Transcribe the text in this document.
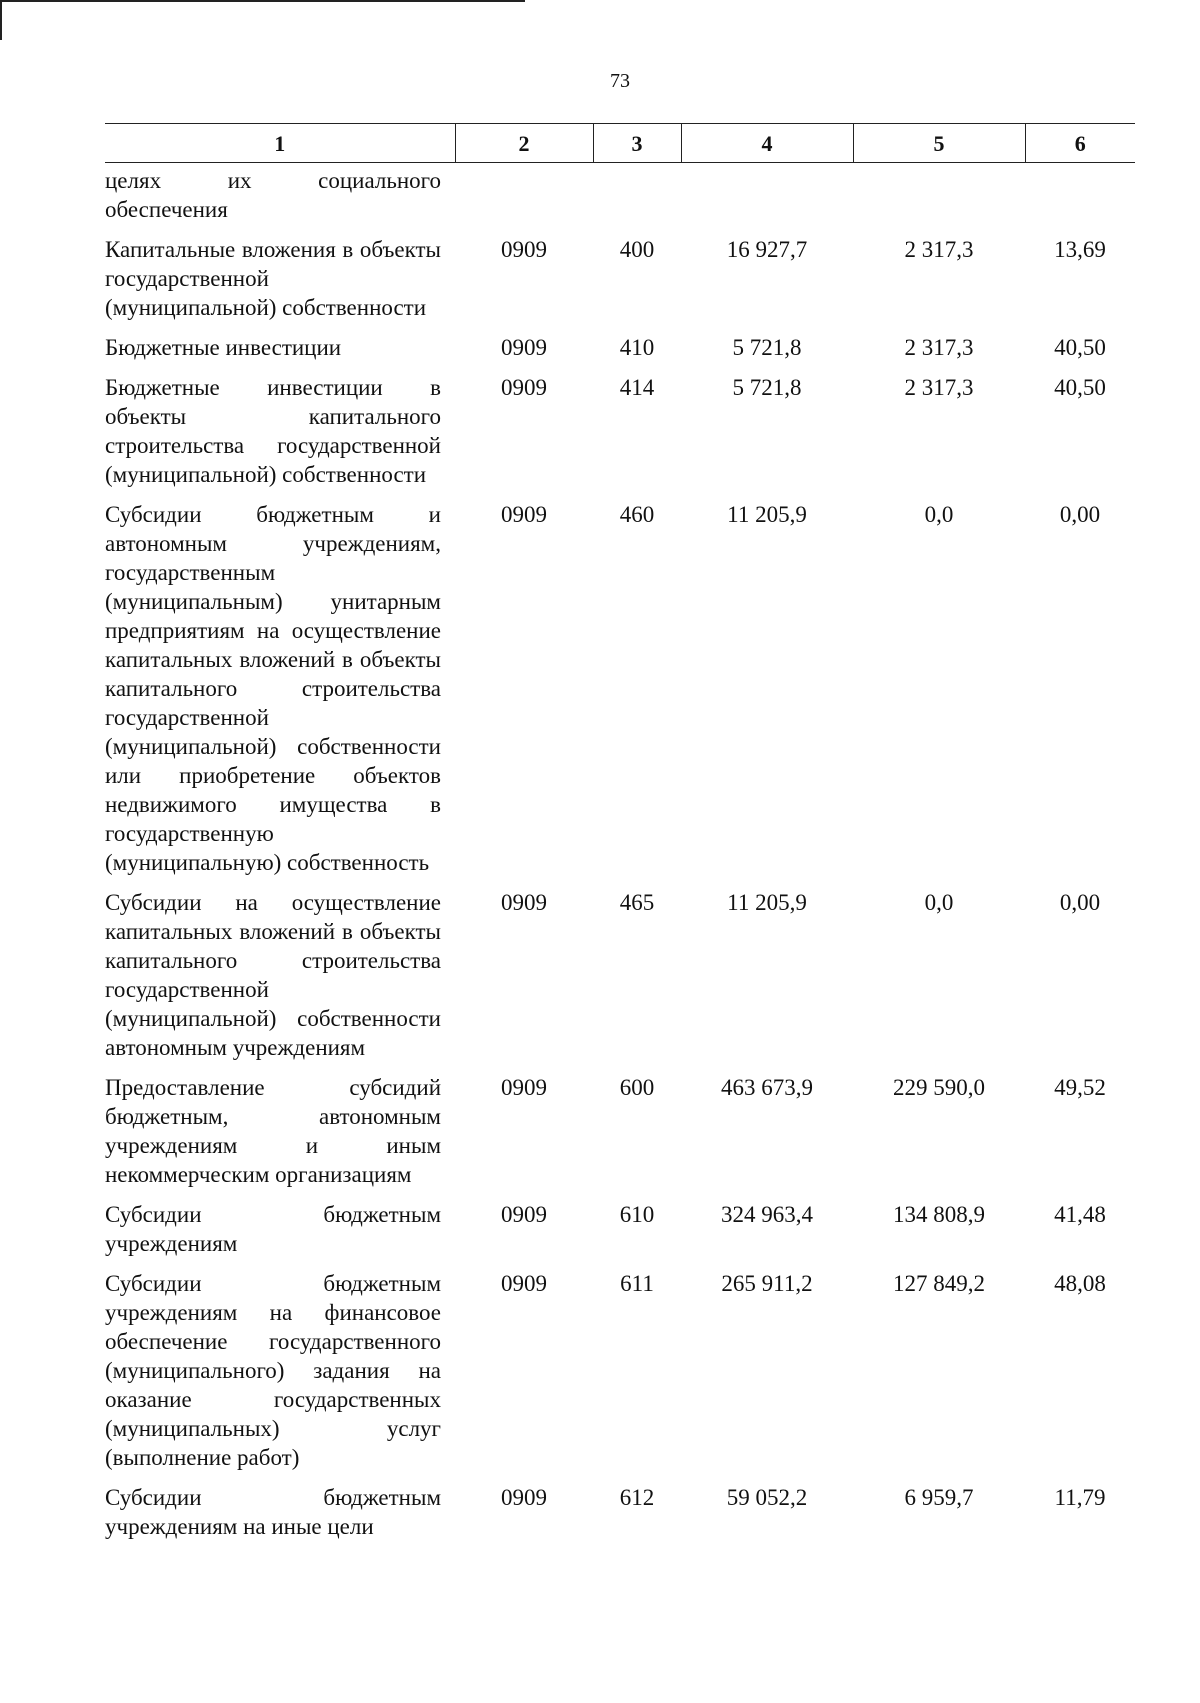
73
1	2	3	4	5	6
целях их социального обеспечения					
Капитальные вложения в объекты государственной (муниципальной) собственности	0909	400	16 927,7	2 317,3	13,69
Бюджетные инвестиции	0909	410	5 721,8	2 317,3	40,50
Бюджетные инвестиции в объекты капитального строительства государственной (муниципальной) собственности	0909	414	5 721,8	2 317,3	40,50
Субсидии бюджетным и автономным учреждениям, государственным (муниципальным) унитарным предприятиям на осуществление капитальных вложений в объекты капитального строительства государственной (муниципальной) собственности или приобретение объектов недвижимого имущества в государственную (муниципальную) собственность	0909	460	11 205,9	0,0	0,00
Субсидии на осуществление капитальных вложений в объекты капитального строительства государственной (муниципальной) собственности автономным учреждениям	0909	465	11 205,9	0,0	0,00
Предоставление субсидий бюджетным, автономным учреждениям и иным некоммерческим организациям	0909	600	463 673,9	229 590,0	49,52
Субсидии бюджетным учреждениям	0909	610	324 963,4	134 808,9	41,48
Субсидии бюджетным учреждениям на финансовое обеспечение государственного (муниципального) задания на оказание государственных (муниципальных) услуг (выполнение работ)	0909	611	265 911,2	127 849,2	48,08
Субсидии бюджетным учреждениям на иные цели	0909	612	59 052,2	6 959,7	11,79
